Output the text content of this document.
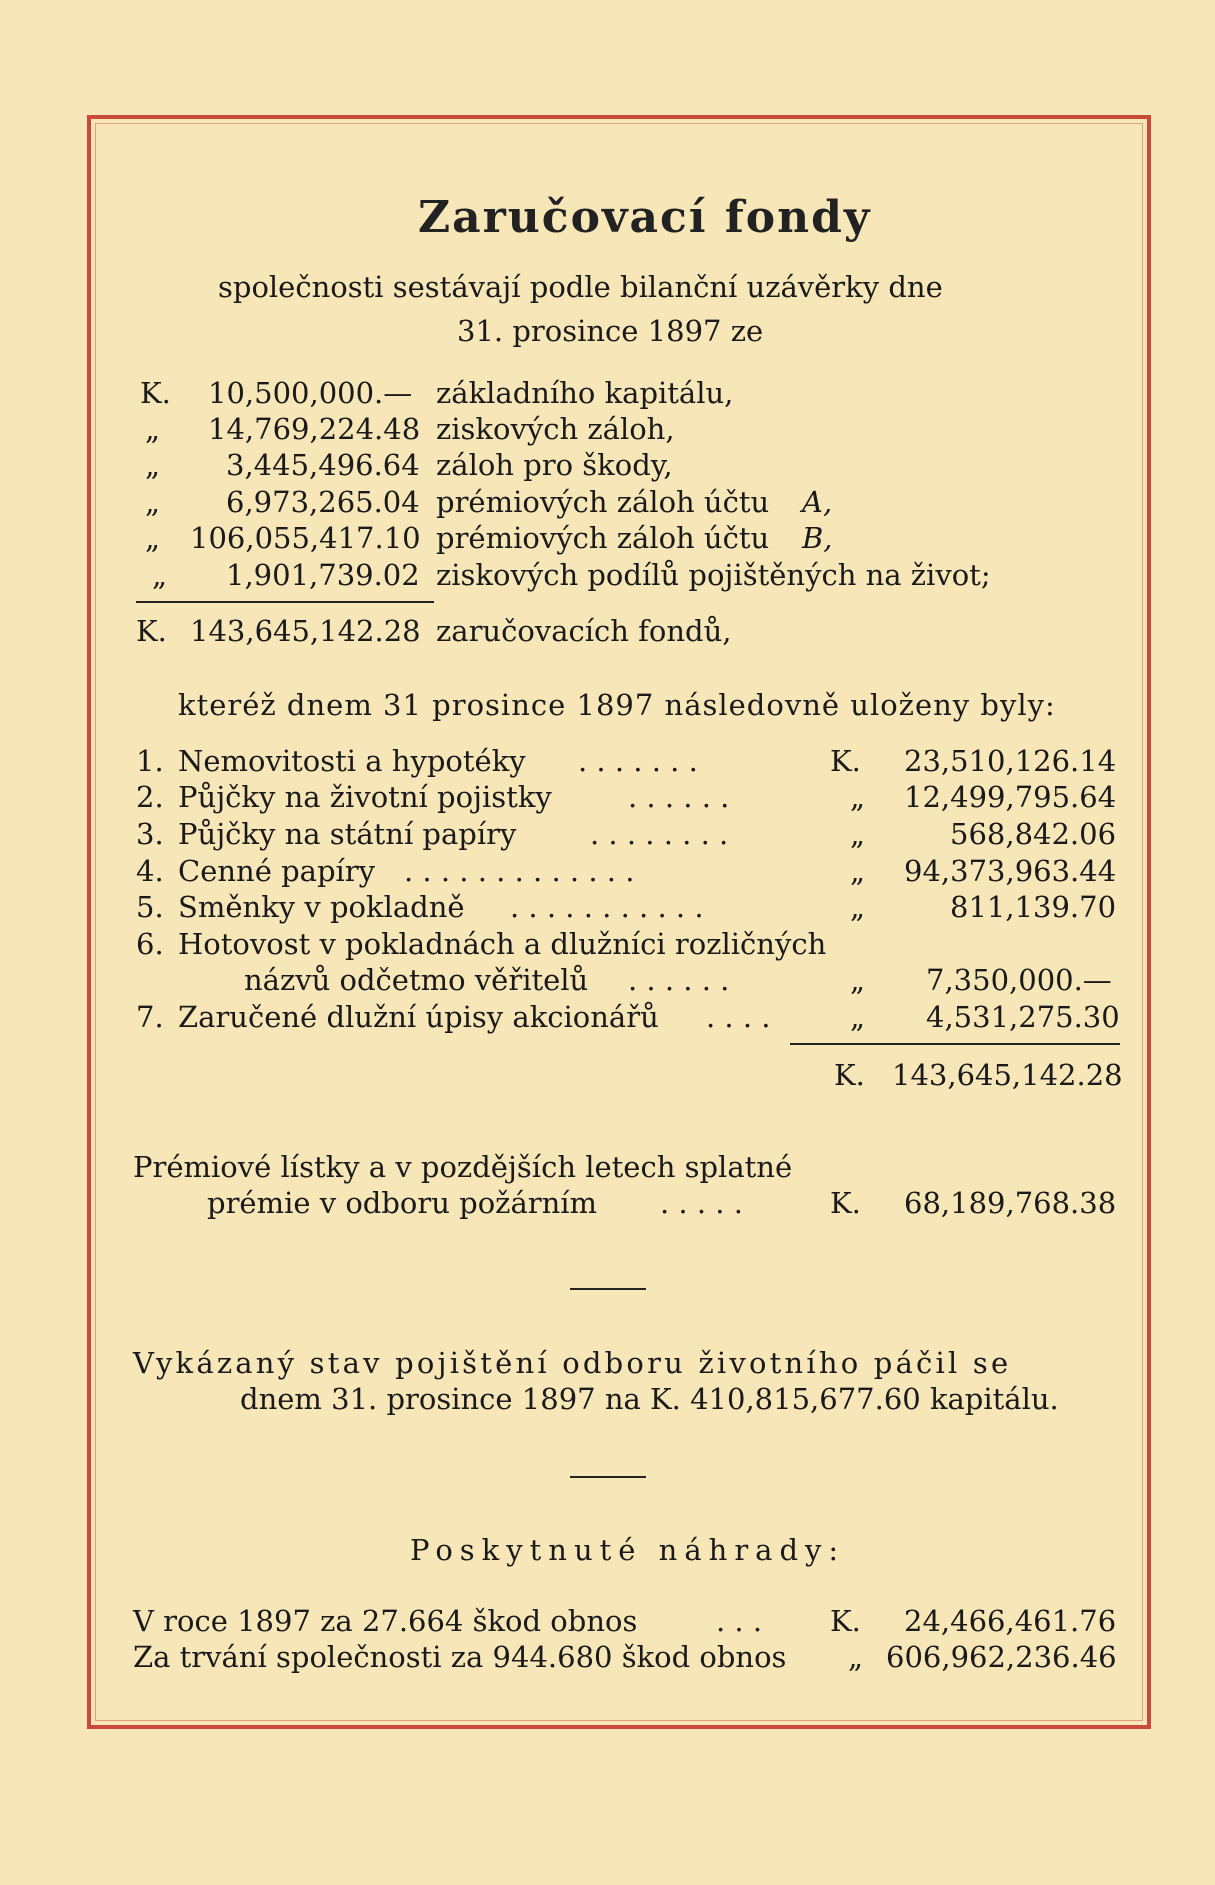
Zaručovací fondy
společnosti sestávají podle bilanční uzávěrky dne
31. prosince 1897 ze
K. 10,500,000.— základního kapitálu,
„ 14,769,224.48 ziskových záloh,
„ 3,445,496.64 záloh pro škody,
„ 6,973,265.04 prémiových záloh účtu A,
„ 106,055,417.10 prémiových záloh účtu B,
„ 1,901,739.02 ziskových podílů pojištěných na život;
K. 143,645,142.28 zaručovacích fondů,
kteréž dnem 31 prosince 1897 následovně uloženy byly:
1. Nemovitosti a hypotéky . . . . . . .	K. 23,510,126.14
2. Půjčky na životní pojistky	. . . . . .	„ 12,499,795.64
3. Půjčky na státní papíry	. . . . . . . .	„	568,842.06
4. Cenné papíry . . . . . . . . . . . . .	„ 94,373,963.44
5. Směnky v pokladně . . . . . . . . . . .	„	811,139.70
6. Hotovost v pokladnách a dlužníci rozličných
názvů odčetmo věřitelů . . . . . .	„ 7,350,000.—
7. Zaručené dlužní úpisy akcionářů . . . .	„ 4,531,275.30
K. 143,645,142.28
Prémiové lístky a v pozdějších letech splatné
prémie v odboru požárním . . . . .	K. 68,189,768.38
Vykázaný stav pojištění odboru životního páčil se
dnem 31. prosince 1897 na K. 410,815,677.60 kapitálu.
Poskytnuté náhrady:
V roce 1897 za 27.664 škod obnos	. . . K. 24,466,461.76
Za trvání společnosti za 944.680 škod obnos „ 606,962,236.46
